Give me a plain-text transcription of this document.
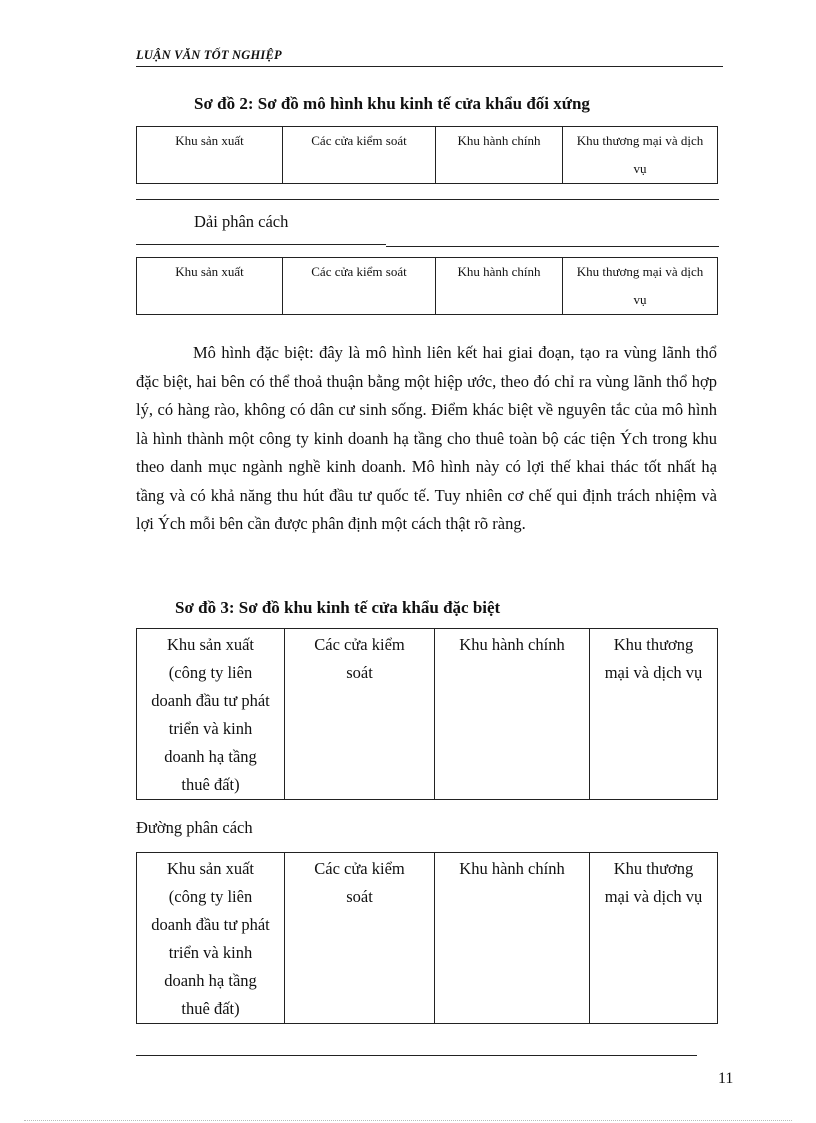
LUẬN VĂN TỐT NGHIỆP
Sơ đồ 2: Sơ đồ mô hình khu kinh tế cửa khẩu đối xứng
Khu sản xuất	Các cửa kiểm soát	Khu hành chính	Khu thương mại và dịch vụ
Dải phân cách
Khu sản xuất	Các cửa kiểm soát	Khu hành chính	Khu thương mại và dịch vụ

Mô hình đặc biệt: đây là mô hình liên kết hai giai đoạn, tạo ra vùng lãnh thổ đặc biệt, hai bên có thể thoả thuận bằng một hiệp ước, theo đó chỉ ra vùng lãnh thổ hợp lý, có hàng rào, không có dân cư sinh sống. Điểm khác biệt về nguyên tắc của mô hình là hình thành một công ty kinh doanh hạ tầng cho thuê toàn bộ các tiện Ých trong khu theo danh mục ngành nghề kinh doanh. Mô hình này có lợi thế khai thác tốt nhất hạ tầng và có khả năng thu hút đầu tư quốc tế. Tuy nhiên cơ chế qui định trách nhiệm và lợi Ých mỗi bên cần được phân định một cách thật rõ ràng.

Sơ đồ 3: Sơ đồ khu kinh tế cửa khẩu đặc biệt
Khu sản xuất (công ty liên doanh đầu tư phát triển và kinh doanh hạ tầng thuê đất)	Các cửa kiểm soát	Khu hành chính	Khu thương mại và dịch vụ
Đường phân cách
Khu sản xuất (công ty liên doanh đầu tư phát triển và kinh doanh hạ tầng thuê đất)	Các cửa kiểm soát	Khu hành chính	Khu thương mại và dịch vụ
11
